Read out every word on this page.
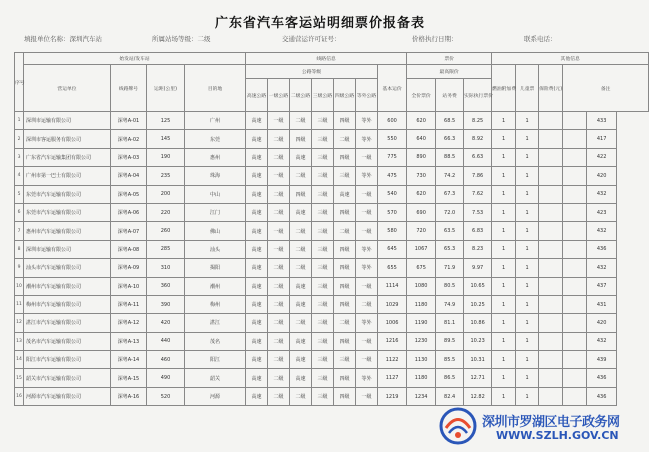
广东省汽车客运站明细票价报备表
填报单位名称：深圳汽车站	所属站场等级：二级	交通营运许可证号：	价格执行日期：	联系电话：
序号	始发站/发车站				线路信息							票价			其他信息				
	营运单位	线路牌号	运距(公里)	目的地	公路等级						基本运价	最高限价			燃油附加费	儿童票	保险费(元)	备注	
					高速公路	一级公路	二级公路	三级公路	四级公路	等外公路		全价票价	站务费	实际执行票价					
1	深圳市运输有限公司	深粤A-01	125	广州	高速	一级	二级	三级	四级	等外	600	620	68.5	8.25	1	1			433
2	深圳市客运服务有限公司	深粤A-02	145	东莞	高速	二级	四级	三级	二级	等外	550	640	66.3	8.92	1	1			417
3	广东省汽车运输集团有限公司	深粤A-03	190	惠州	高速	二级	高速	三级	四级	一级	775	890	88.5	6.63	1	1			422
4	广州市第一巴士有限公司	深粤A-04	235	珠海	高速	一级	二级	三级	三级	等外	475	730	74.2	7.86	1	1			420
5	东莞市汽车运输有限公司	深粤A-05	200	中山	高速	二级	四级	三级	高速	一级	540	620	67.3	7.62	1	1			432
6	东莞市汽车运输有限公司	深粤A-06	220	江门	高速	二级	高速	三级	四级	一级	570	690	72.0	7.53	1	1			423
7	惠州市汽车运输有限公司	深粤A-07	260	佛山	高速	一级	二级	三级	二级	一级	580	720	63.5	6.83	1	1			432
8	深圳市运输有限公司	深粤A-08	285	汕头	高速	一级	二级	三级	四级	等外	645	1067	65.3	8.23	1	1			436
9	汕头市汽车运输有限公司	深粤A-09	310	揭阳	高速	二级	二级	三级	四级	等外	655	675	71.9	9.97	1	1			432
10	潮州市汽车运输有限公司	深粤A-10	360	潮州	高速	二级	高速	三级	四级	一级	1114	1080	80.5	10.65	1	1			437
11	梅州市汽车运输有限公司	深粤A-11	390	梅州	高速	二级	高速	三级	四级	二级	1029	1180	74.9	10.25	1	1			431
12	湛江市汽车运输有限公司	深粤A-12	420	湛江	高速	二级	二级	三级	二级	等外	1006	1190	81.1	10.86	1	1			420
13	茂名市汽车运输有限公司	深粤A-13	440	茂名	高速	二级	高速	三级	四级	一级	1216	1230	89.5	10.23	1	1			432
14	阳江市汽车运输有限公司	深粤A-14	460	阳江	高速	二级	高速	三级	三级	一级	1122	1130	85.5	10.31	1	1			439
15	韶关市汽车运输有限公司	深粤A-15	490	韶关	高速	二级	高速	三级	四级	等外	1127	1180	86.5	12.71	1	1			436
16	河源市汽车运输有限公司	深粤A-16	520	河源	高速	二级	二级	三级	四级	一级	1219	1234	82.4	12.82	1	1			436
深圳市罗湖区电子政务网
WWW.SZLH.GOV.CN
